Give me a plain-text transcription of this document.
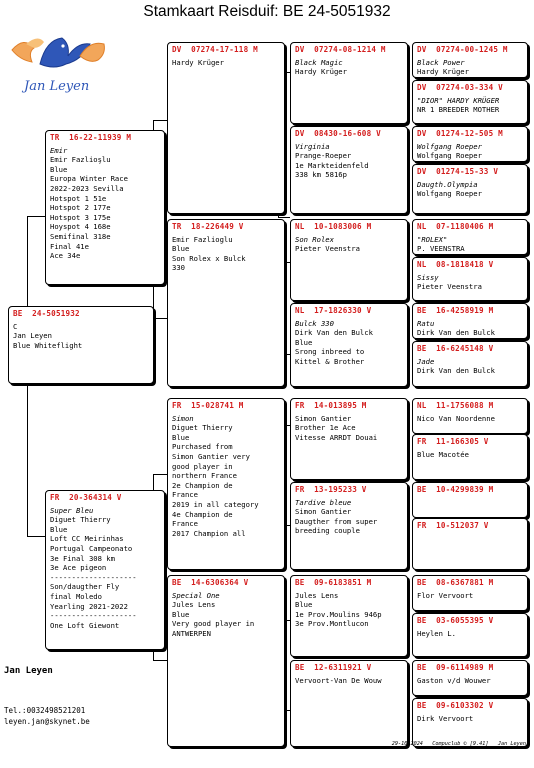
Stamkaart Reisduif: BE 24-5051932
Jan Leyen
BE  24-5051932
C
Jan Leyen
Blue Whiteflight
TR  16-22-11939 M
Emir
Emir Fazlioşlu
Blue
Europa Winter Race
2022-2023 Sevilla
Hotspot 1 51e
Hotspot 2 177e
Hotspot 3 175e
Hoyspot 4 168e
Semifinal 318e
Final 41e
Ace 34e
FR  20-364314 V
Super Bleu
Diguet Thierry
Blue
Loft CC Meirinhas
Portugal Campeonato
3e Final 308 km
3e Ace pigeon
--------------------
Son/daugther Fly
final Moledo
Yearling 2021-2022
--------------------
One Loft Giewont
DV  07274-17-118 M
Hardy Krüger
TR  18-226449 V
Emir Fazlioglu
Blue
Son Rolex x Bulck
330
FR  15-028741 M
Simon
Diguet Thierry
Blue
Purchased from
Simon Gantier very
good player in
northern France
2e Champion de
France
2019 in all category
4e Champion de
France
2017 Champion all
BE  14-6306364 V
Special One
Jules Lens
Blue
Very good player in
ANTWERPEN
DV  07274-08-1214 M
Black Magic
Hardy Krüger
DV  08430-16-608 V
Virginia
Prange-Roeper
1e Markteidenfeld
338 km 5816p
NL  10-1083006 M
Son Rolex
Pieter Veenstra
NL  17-1826330 V
Bulck 330
Dirk Van den Bulck
Blue
Srong inbreed to
Kittel & Brother
FR  14-013895 M
Simon Gantier
Brother 1e Ace
Vitesse ARRDT Douai
FR  13-195233 V
Tardive bleue
Simon Gantier
Daugther from super
breeding couple
BE  09-6183851 M
Jules Lens
Blue
1e Prov.Moulins 946p
3e Prov.Montlucon
BE  12-6311921 V
Vervoort-Van De Wouw
DV  07274-00-1245 M
Black Power
Hardy Krüger
DV  07274-03-334 V
"DIOR" HARDY KRÜGER
NR 1 BREEDER MOTHER
DV  01274-12-505 M
Wolfgang Roeper
Wolfgang Roeper
DV  01274-15-33 V
Daugth.Olympia
Wolfgang Roeper
NL  07-1180406 M
"ROLEX"
P. VEENSTRA
NL  08-1818418 V
Sissy
Pieter Veenstra
BE  16-4258919 M
Ratu
Dirk Van den Bulck
BE  16-6245148 V
Jade
Dirk Van den Bulck
NL  11-1756088 M
Nico Van Noordenne
FR  11-166305 V
Blue Macotée
BE  10-4299839 M
FR  10-512037 V
BE  08-6367881 M
Flor Vervoort
BE  03-6055395 V
Heylen L.
BE  09-6114989 M
Gaston v/d Wouwer
BE  09-6103302 V
Dirk Vervoort
Jan Leyen
Tel.:0032498521201
leyen.jan@skynet.be
29-10-2024   Compuclub © [9.41]   Jan Leyen
